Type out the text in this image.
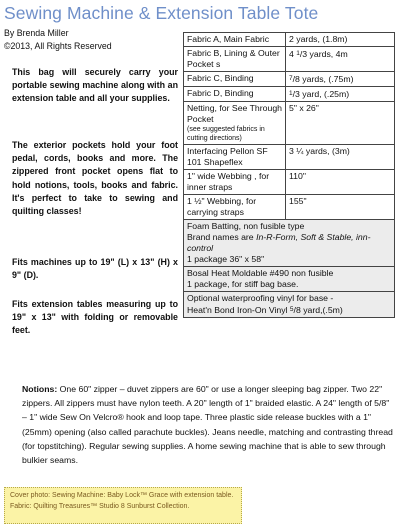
Sewing Machine & Extension Table Tote
By Brenda Miller
©2013, All Rights Reserved
This bag will securely carry your portable sewing machine along with an extension table and all your supplies.
The exterior pockets hold your foot pedal, cords, books and more. The zippered front pocket opens flat to hold notions, tools, books and fabric. It's perfect to take to sewing and quilting classes!
Fits machines up to 19" (L) x 13" (H) x 9" (D).
Fits extension tables measuring up to 19" x 13" with folding or removable feet.
Fabric A, Main Fabric	2 yards, (1.8m)
Fabric B, Lining & Outer Pocket s	4 $^1$/3 yards, 4m
Fabric C, Binding	$^7$/8 yards, (.75m)
Fabric D, Binding	$^1$/3 yard, (.25m)
Netting, for See Through Pocket
(see suggested fabrics in cutting directions)	5" x 26"
Interfacing Pellon SF 101 Shapeflex	3 ¼ yards, (3m)
1" wide Webbing , for inner straps	110"
1 ½" Webbing, for carrying straps	155"

Foam Batting, non fusible type
Brand names are In-R-Form, Soft & Stable, inn-control
1 package 36" x 58"	

Bosal Heat Moldable #490 non fusible
1 package, for stiff bag base.	

Optional waterproofing vinyl for base -
Heat'n Bond Iron-On Vinyl $^5$/8 yard,(.5m)	
Notions: One 60" zipper – duvet zippers are 60" or use a longer sleeping bag zipper. Two 22" zippers. All zippers must have nylon teeth. A 20" length of 1" braided elastic. A 24" length of 5/8" – 1" wide Sew On Velcro® hook and loop tape. Three plastic side release buckles with a 1" (25mm) opening (also called parachute buckles). Jeans needle, matching and contrasting thread (for topstitching). Regular sewing supplies. A home sewing machine that is able to sew through bulkier seams.
Cover photo: Sewing Machine: Baby Lock™ Grace with extension table. Fabric: Quilting Treasures™ Studio 8 Sunburst Collection.
